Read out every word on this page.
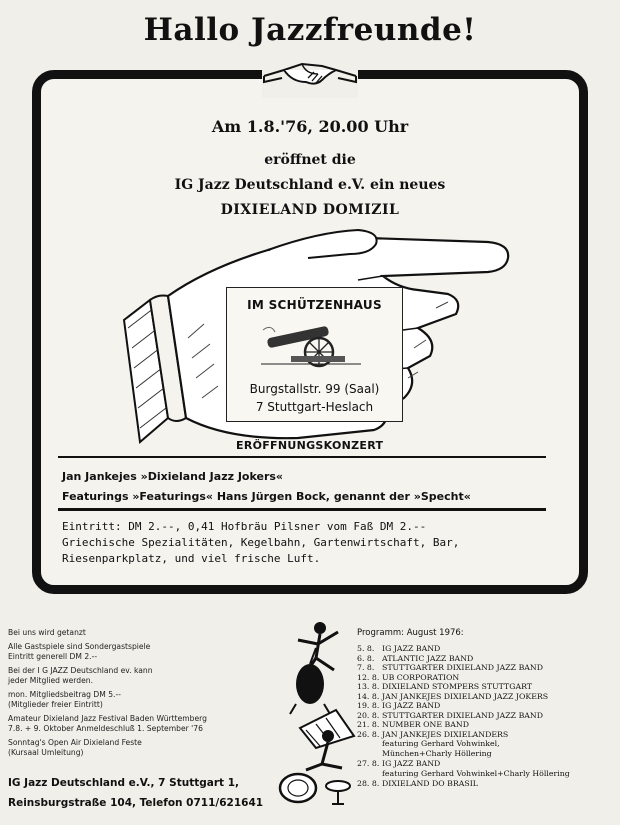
Hallo Jazzfreunde!
Am 1.8.'76, 20.00 Uhr
eröffnet die
IG Jazz Deutschland e.V. ein neues
DIXIELAND DOMIZIL
IM SCHÜTZENHAUS
Burgstallstr. 99 (Saal)
7 Stuttgart-Heslach
ERÖFFNUNGSKONZERT
Jan Jankejes »Dixieland Jazz Jokers«
Featurings »Featurings« Hans Jürgen Bock, genannt der »Specht«
Eintritt: DM 2.--, 0,41 Hofbräu Pilsner vom Faß DM 2.--
Griechische Spezialitäten, Kegelbahn, Gartenwirtschaft, Bar,
Riesenparkplatz, und viel frische Luft.
Bei uns wird getanzt
Alle Gastspiele sind Sondergastspiele
Eintritt generell DM 2.--
Bei der I G JAZZ Deutschland ev. kann
jeder Mitglied werden.
mon. Mitgliedsbeitrag DM 5.--
(Mitglieder freier Eintritt)
Amateur Dixieland Jazz Festival Baden Württemberg
7.8. + 9. Oktober Anmeldeschluß 1. September '76
Sonntag's Open Air Dixieland Feste
(Kursaal Umleitung)
IG Jazz Deutschland e.V., 7 Stuttgart 1,
Reinsburgstraße 104, Telefon 0711/621641
Programm: August 1976:
5. 8. IG JAZZ BAND
6. 8. ATLANTIC JAZZ BAND
7. 8. STUTTGARTER DIXIELAND JAZZ BAND
12. 8. UB CORPORATION
13. 8. DIXIELAND STOMPERS STUTTGART
14. 8. JAN JANKEJES DIXIELAND JAZZ JOKERS
19. 8. IG JAZZ BAND
20. 8. STUTTGARTER DIXIELAND JAZZ BAND
21. 8. NUMBER ONE BAND
26. 8. JAN JANKEJES DIXIELANDERS
featuring Gerhard Vohwinkel,
München+Charly Höllering
27. 8. IG JAZZ BAND
featuring Gerhard Vohwinkel+Charly Höllering
28. 8. DIXIELAND DO BRASIL
